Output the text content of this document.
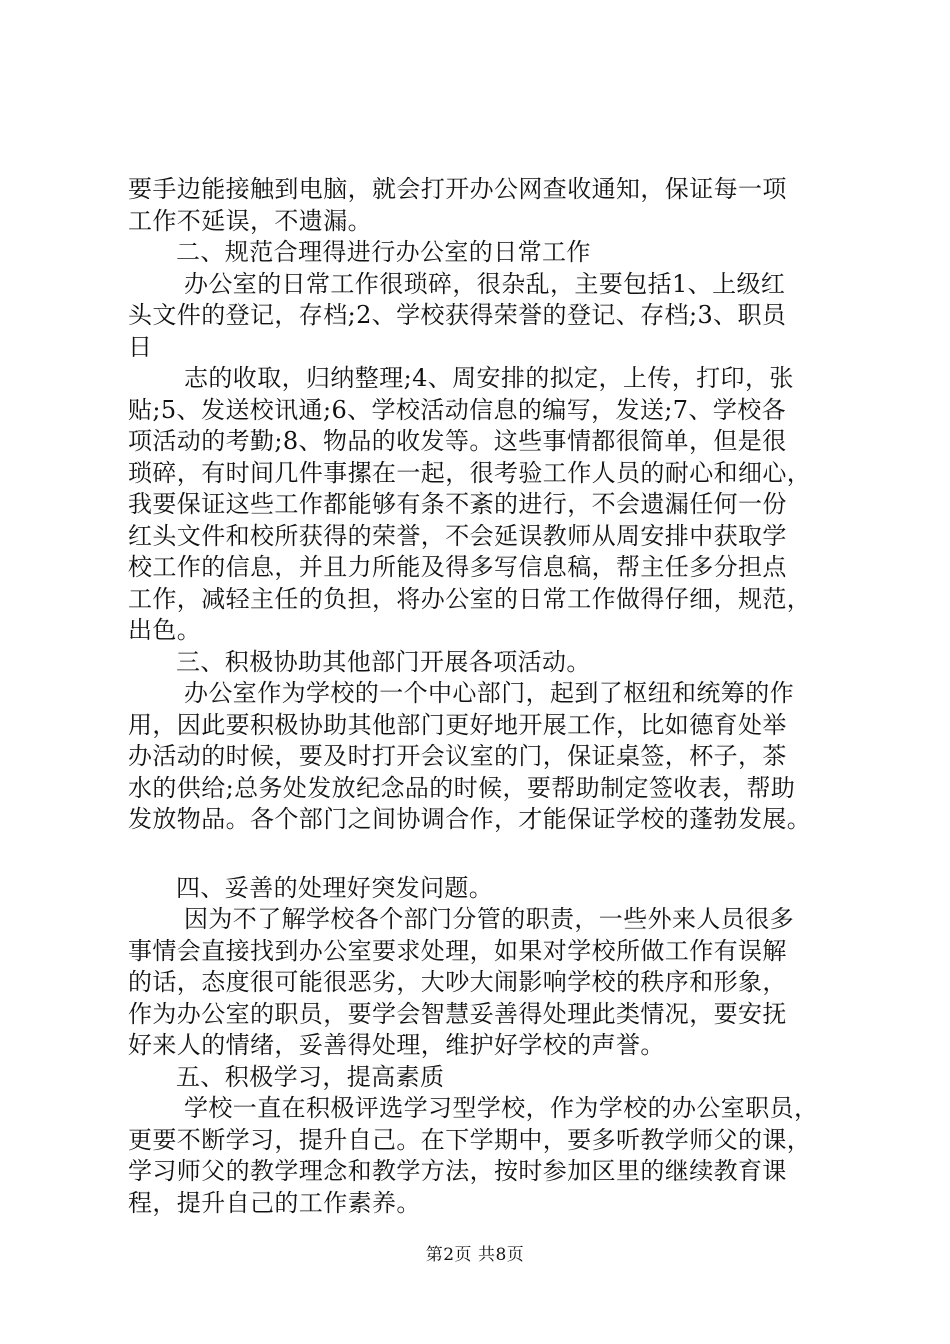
要手边能接触到电脑，就会打开办公网查收通知，保证每一项
工作不延误，不遗漏。
二、规范合理得进行办公室的日常工作
办公室的日常工作很琐碎，很杂乱，主要包括1、上级红
头文件的登记，存档;2、学校获得荣誉的登记、存档;3、职员
日
志的收取，归纳整理;4、周安排的拟定，上传，打印，张
贴;5、发送校讯通;6、学校活动信息的编写，发送;7、学校各
项活动的考勤;8、物品的收发等。这些事情都很简单，但是很
琐碎，有时间几件事摞在一起，很考验工作人员的耐心和细心，
我要保证这些工作都能够有条不紊的进行，不会遗漏任何一份
红头文件和校所获得的荣誉，不会延误教师从周安排中获取学
校工作的信息，并且力所能及得多写信息稿，帮主任多分担点
工作，减轻主任的负担，将办公室的日常工作做得仔细，规范，
出色。
三、积极协助其他部门开展各项活动。
办公室作为学校的一个中心部门，起到了枢纽和统筹的作
用，因此要积极协助其他部门更好地开展工作，比如德育处举
办活动的时候，要及时打开会议室的门，保证桌签，杯子，茶
水的供给;总务处发放纪念品的时候，要帮助制定签收表，帮助
发放物品。各个部门之间协调合作，才能保证学校的蓬勃发展。
四、妥善的处理好突发问题。
因为不了解学校各个部门分管的职责，一些外来人员很多
事情会直接找到办公室要求处理，如果对学校所做工作有误解
的话，态度很可能很恶劣，大吵大闹影响学校的秩序和形象，
作为办公室的职员，要学会智慧妥善得处理此类情况，要安抚
好来人的情绪，妥善得处理，维护好学校的声誉。
五、积极学习，提高素质
学校一直在积极评选学习型学校，作为学校的办公室职员，
更要不断学习，提升自己。在下学期中，要多听教学师父的课，
学习师父的教学理念和教学方法，按时参加区里的继续教育课
程，提升自己的工作素养。
第2页 共8页
